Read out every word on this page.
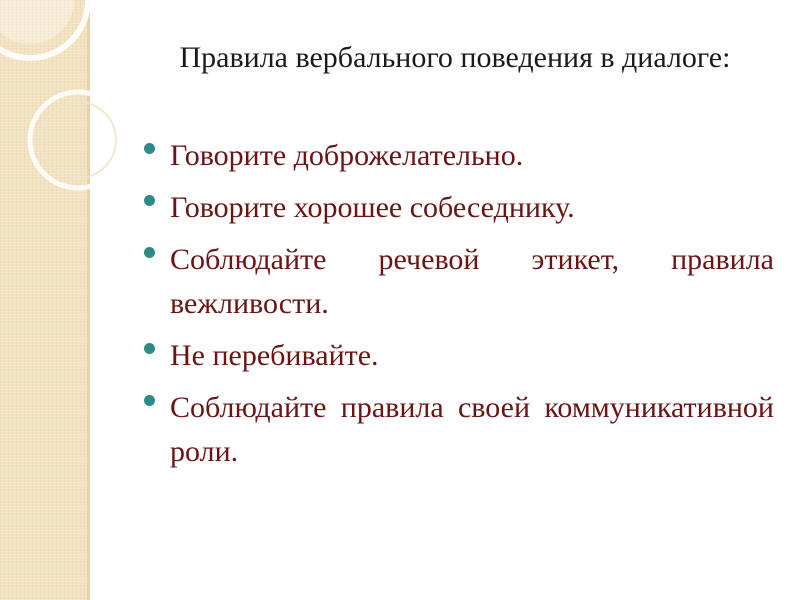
Правила вербального поведения в диалоге:
Говорите доброжелательно.
Говорите хорошее собеседнику.
Соблюдайте речевой этикет, правила вежливости.
Не перебивайте.
Соблюдайте правила своей коммуникативной роли.
